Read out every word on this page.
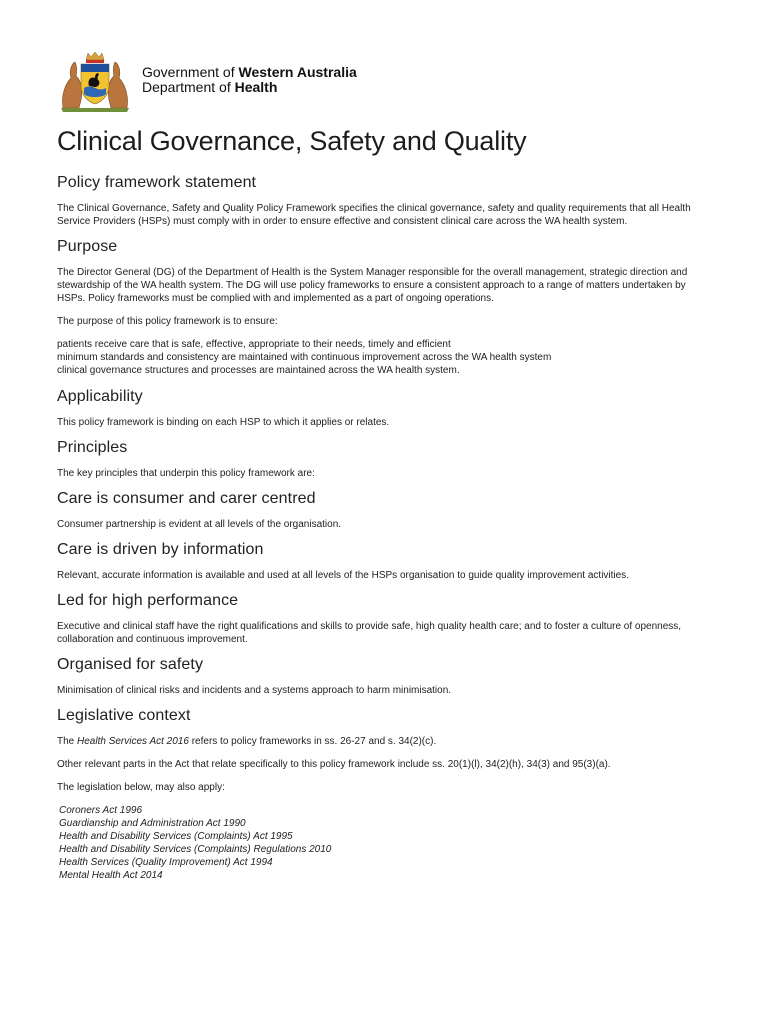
Government of Western Australia
Department of Health
Clinical Governance, Safety and Quality
Policy framework statement

The Clinical Governance, Safety and Quality Policy Framework specifies the clinical governance, safety and quality requirements that all Health Service Providers (HSPs) must comply with in order to ensure effective and consistent clinical care across the WA health system.

Purpose

The Director General (DG) of the Department of Health is the System Manager responsible for the overall management, strategic direction and stewardship of the WA health system. The DG will use policy frameworks to ensure a consistent approach to a range of matters undertaken by HSPs. Policy frameworks must be complied with and implemented as a part of ongoing operations.

The purpose of this policy framework is to ensure:

patients receive care that is safe, effective, appropriate to their needs, timely and efficient
minimum standards and consistency are maintained with continuous improvement across the WA health system
clinical governance structures and processes are maintained across the WA health system.
Applicability

This policy framework is binding on each HSP to which it applies or relates.

Principles

The key principles that underpin this policy framework are:

Care is consumer and carer centred

Consumer partnership is evident at all levels of the organisation.

Care is driven by information

Relevant, accurate information is available and used at all levels of the HSPs organisation to guide quality improvement activities.

Led for high performance

Executive and clinical staff have the right qualifications and skills to provide safe, high quality health care; and to foster a culture of openness, collaboration and continuous improvement.

Organised for safety

Minimisation of clinical risks and incidents and a systems approach to harm minimisation.

Legislative context

The Health Services Act 2016 refers to policy frameworks in ss. 26-27 and s. 34(2)(c).

Other relevant parts in the Act that relate specifically to this policy framework include ss. 20(1)(l), 34(2)(h), 34(3) and 95(3)(a).

The legislation below, may also apply:

Coroners Act 1996
Guardianship and Administration Act 1990
Health and Disability Services (Complaints) Act 1995
Health and Disability Services (Complaints) Regulations 2010
Health Services (Quality Improvement) Act 1994
Mental Health Act 2014
